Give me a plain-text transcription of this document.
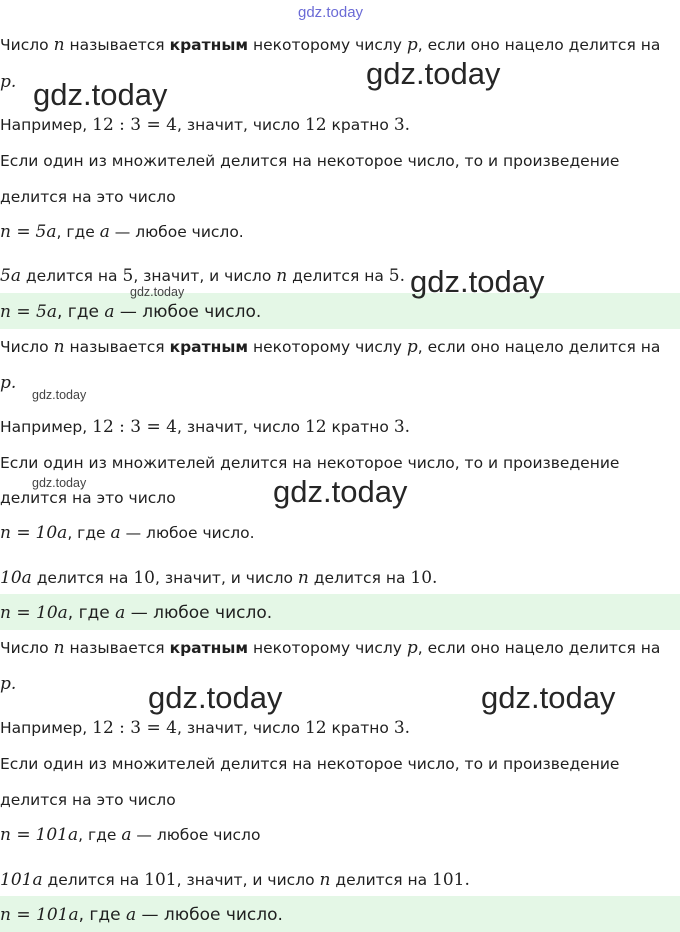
gdz.today
Число n называется кратным некоторому числу p, если оно нацело делится на
p.
Например, 12 : 3 = 4, значит, число 12 кратно 3.
Если один из множителей делится на некоторое число, то и произведение
делится на это число
n = 5a, где a — любое число.
5a делится на 5, значит, и число n делится на 5.
n = 5a, где a — любое число.
Число n называется кратным некоторому числу p, если оно нацело делится на
p.
Например, 12 : 3 = 4, значит, число 12 кратно 3.
Если один из множителей делится на некоторое число, то и произведение
делится на это число
n = 10a, где a — любое число.
10a делится на 10, значит, и число n делится на 10.
n = 10a, где a — любое число.
Число n называется кратным некоторому числу p, если оно нацело делится на
p.
Например, 12 : 3 = 4, значит, число 12 кратно 3.
Если один из множителей делится на некоторое число, то и произведение
делится на это число
n = 101a, где a — любое число
101a делится на 101, значит, и число n делится на 101.
n = 101a, где a — любое число.
gdz.today
gdz.today
gdz.today
gdz.today
gdz.today
gdz.today	gdz.today
gdz.today	gdz.today
